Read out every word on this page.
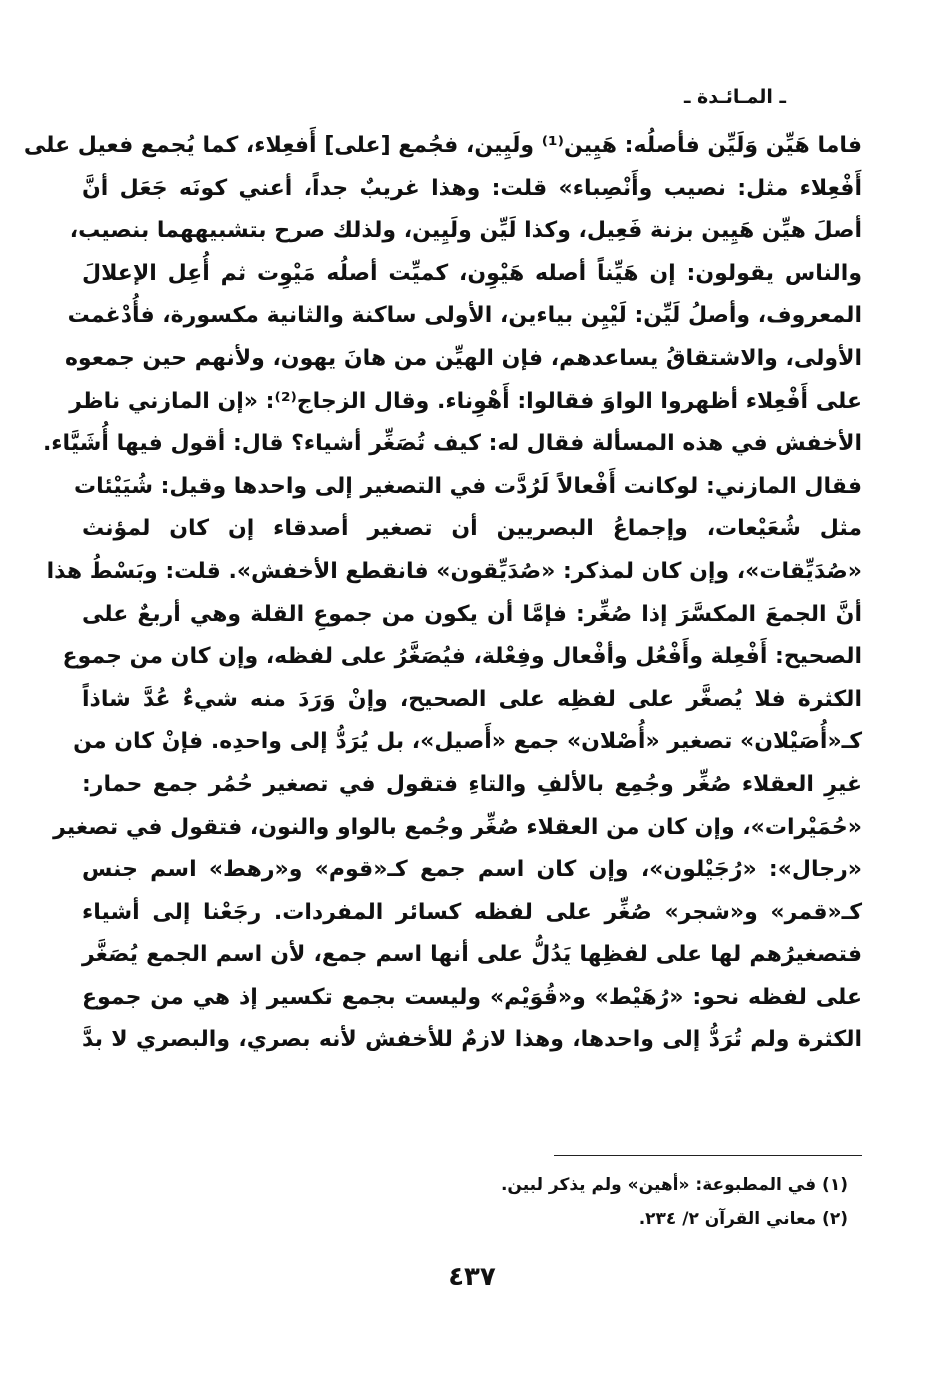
ـ المـائـدة ـ
فاما هَيِّن وَلَيِّن فأصلُه: هَيِين⁽¹⁾ ولَيِين، فجُمع [على] أَفعِلاء، كما يُجمع فعيل على
أَفْعِلاء مثل: نصيب وأَنْصِباء» قلت: وهذا غريبٌ جداً، أعني كونَه جَعَل أنَّ
أصلَ هيِّن هَيِين بزنة فَعِيل، وكذا لَيِّن ولَيِين، ولذلك صرح بتشبيههما بنصيب،
والناس يقولون: إن هَيِّناً أصله هَيْوِن، كميِّت أصلُه مَيْوِت ثم أُعِل الإعلالَ
المعروف، وأصلُ لَيِّن: لَيْيِن بياءين، الأولى ساكنة والثانية مكسورة، فأُدْغمت
الأولى، والاشتقاقُ يساعدهم، فإن الهيِّن من هانَ يهون، ولأنهم حين جمعوه
على أَفْعِلاء أظهروا الواوَ فقالوا: أَهْوِناء. وقال الزجاج⁽²⁾: «إن المازني ناظر
الأخفش في هذه المسألة فقال له: كيف تُصَغِّر أشياء؟ قال: أقول فيها أُشَيَّاء.
فقال المازني: لوكانت أَفْعالاً لَرُدَّت في التصغير إلى واحدها وقيل: شُيَيْئات
مثل شُعَيْعات، وإجماعُ البصريين أن تصغير أصدقاء إن كان لمؤنث
«صُدَيِّقات»، وإن كان لمذكر: «صُدَيِّقون» فانقطع الأخفش». قلت: وبَسْطُ هذا
أنَّ الجمعَ المكسَّرَ إذا صُغِّر: فإمَّا أن يكون من جموعِ القلة وهي أربعٌ على
الصحيح: أَفْعِلة وأَفْعُل وأفْعال وفِعْلة، فيُصَغَّرُ على لفظه، وإن كان من جموع
الكثرة فلا يُصغَّر على لفظِه على الصحيح، وإنْ وَرَدَ منه شيءٌ عُدَّ شاذاً
كـ«أُصَيْلان» تصغير «أُصْلان» جمع «أَصيل»، بل يُرَدُّ إلى واحدِه. فإنْ كان من
غيرِ العقلاء صُغِّر وجُمِع بالألفِ والتاءِ فتقول في تصغير حُمُر جمع حمار:
«حُمَيْرات»، وإن كان من العقلاء صُغِّر وجُمع بالواو والنون، فتقول في تصغير
«رجال»: «رُجَيْلون»، وإن كان اسم جمع كـ«قوم» و«رهط» اسم جنس
كـ«قمر» و«شجر» صُغِّر على لفظه كسائر المفردات. رجَعْنا إلى أشياء
فتصغيرُهم لها على لفظِها يَدُلُّ على أنها اسم جمع، لأن اسم الجمع يُصَغَّر
على لفظه نحو: «رُهَيْط» و«قُوَيْم» وليست بجمع تكسير إذ هي من جموع
الكثرة ولم تُرَدُّ إلى واحدها، وهذا لازمٌ للأخفش لأنه بصري، والبصري لا بدَّ
(١) في المطبوعة: «أهين» ولم يذكر لبين.
(٢) معاني القرآن ٢/ ٢٣٤.
٤٣٧
